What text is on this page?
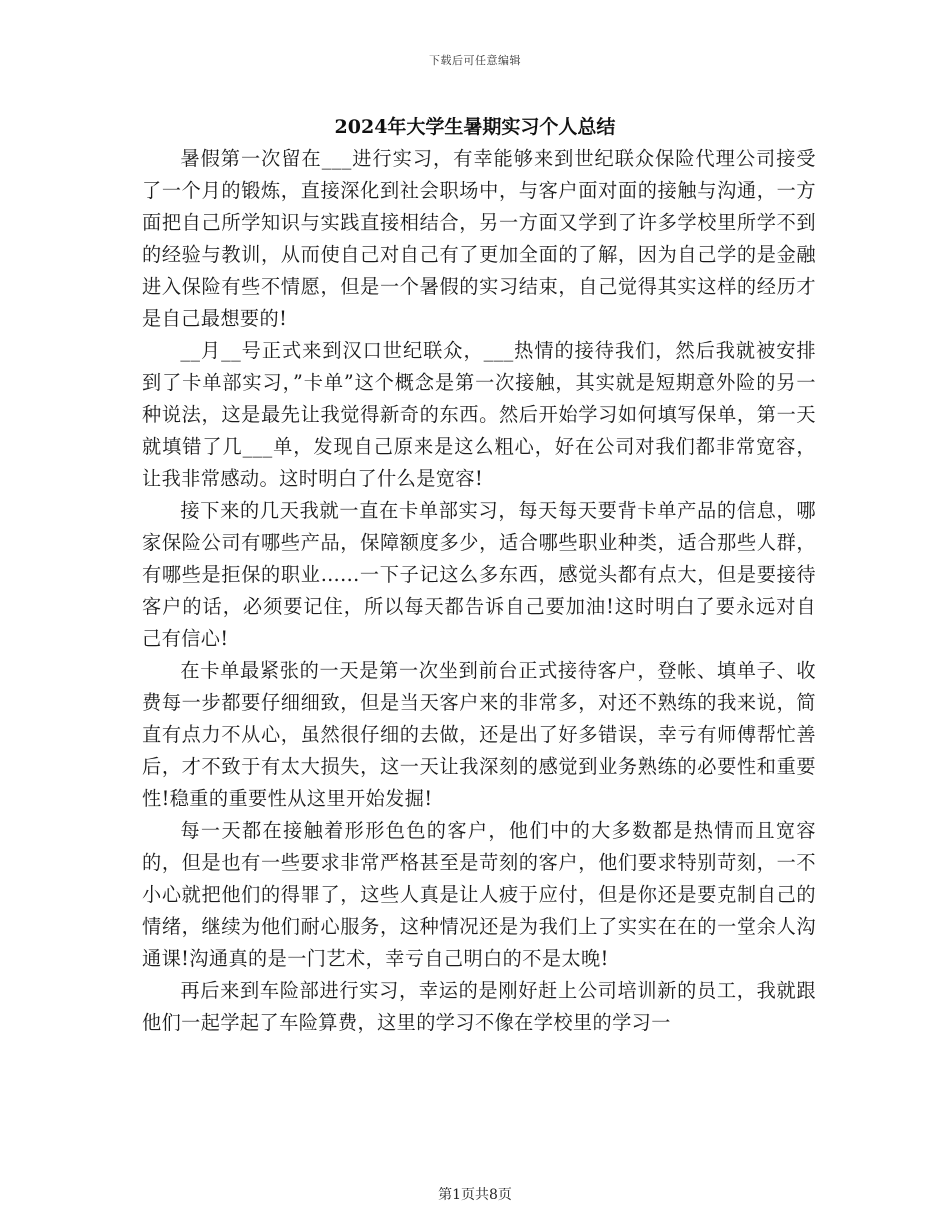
下载后可任意编辑
2024年大学生暑期实习个人总结

暑假第一次留在___进行实习，有幸能够来到世纪联众保险代理公司接受了一个月的锻炼，直接深化到社会职场中，与客户面对面的接触与沟通，一方面把自己所学知识与实践直接相结合，另一方面又学到了许多学校里所学不到的经验与教训，从而使自己对自己有了更加全面的了解，因为自己学的是金融进入保险有些不情愿，但是一个暑假的实习结束，自己觉得其实这样的经历才是自己最想要的!

__月__号正式来到汉口世纪联众，___热情的接待我们，然后我就被安排到了卡单部实习，”卡单”这个概念是第一次接触，其实就是短期意外险的另一种说法，这是最先让我觉得新奇的东西。然后开始学习如何填写保单，第一天就填错了几___单，发现自己原来是这么粗心，好在公司对我们都非常宽容，让我非常感动。这时明白了什么是宽容!

接下来的几天我就一直在卡单部实习，每天每天要背卡单产品的信息，哪家保险公司有哪些产品，保障额度多少，适合哪些职业种类，适合那些人群，有哪些是拒保的职业…...一下子记这么多东西，感觉头都有点大，但是要接待客户的话，必须要记住，所以每天都告诉自己要加油!这时明白了要永远对自己有信心!

在卡单最紧张的一天是第一次坐到前台正式接待客户，登帐、填单子、收费每一步都要仔细细致，但是当天客户来的非常多，对还不熟练的我来说，简直有点力不从心，虽然很仔细的去做，还是出了好多错误，幸亏有师傅帮忙善后，才不致于有太大损失，这一天让我深刻的感觉到业务熟练的必要性和重要性!稳重的重要性从这里开始发掘!

每一天都在接触着形形色色的客户，他们中的大多数都是热情而且宽容的，但是也有一些要求非常严格甚至是苛刻的客户，他们要求特别苛刻，一不小心就把他们的得罪了，这些人真是让人疲于应付，但是你还是要克制自己的情绪，继续为他们耐心服务，这种情况还是为我们上了实实在在的一堂余人沟通课!沟通真的是一门艺术，幸亏自己明白的不是太晚!

再后来到车险部进行实习，幸运的是刚好赶上公司培训新的员工，我就跟他们一起学起了车险算费，这里的学习不像在学校里的学习一

第1页共8页
